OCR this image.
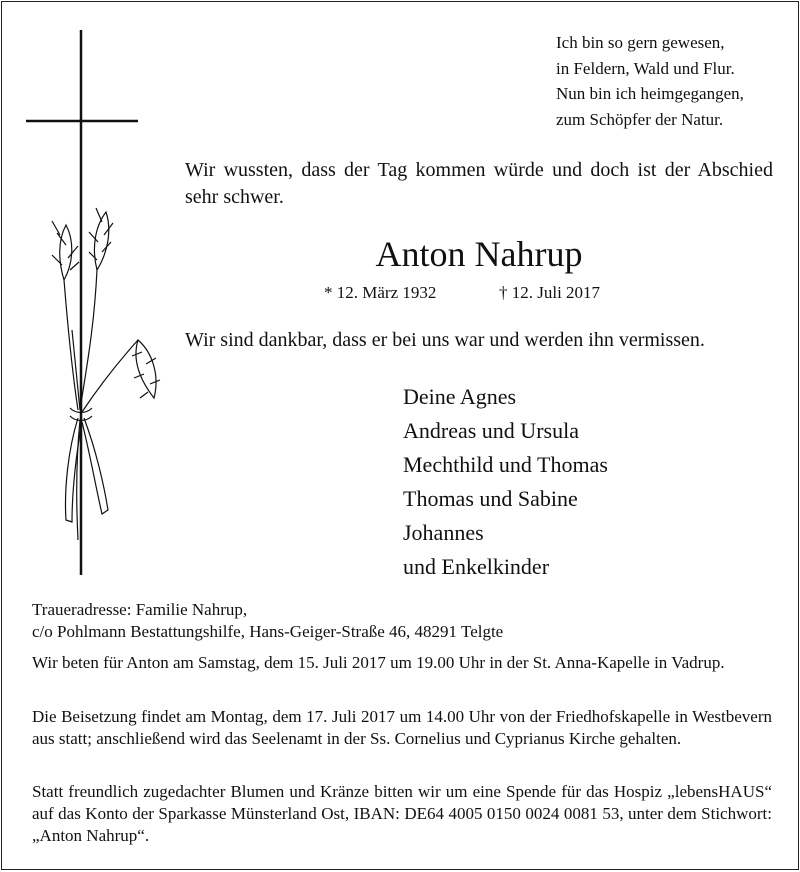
Ich bin so gern gewesen,
in Feldern, Wald und Flur.
Nun bin ich heimgegangen,
zum Schöpfer der Natur.
Wir wussten, dass der Tag kommen würde und doch ist der Abschied sehr schwer.
Anton Nahrup
* 12. März 1932	† 12. Juli 2017
Wir sind dankbar, dass er bei uns war und werden ihn vermissen.
Deine Agnes
Andreas und Ursula
Mechthild und Thomas
Thomas und Sabine
Johannes
und Enkelkinder
Traueradresse: Familie Nahrup,
c/o Pohlmann Bestattungshilfe, Hans-Geiger-Straße 46, 48291 Telgte
Wir beten für Anton am Samstag, dem 15. Juli 2017 um 19.00 Uhr in der St. Anna-Kapelle in Vadrup.
Die Beisetzung findet am Montag, dem 17. Juli 2017 um 14.00 Uhr von der Friedhofskapelle in Westbevern aus statt; anschließend wird das Seelenamt in der Ss. Cornelius und Cyprianus Kirche gehalten.
Statt freundlich zugedachter Blumen und Kränze bitten wir um eine Spende für das Hospiz „lebensHAUS“ auf das Konto der Sparkasse Münsterland Ost, IBAN: DE64 4005 0150 0024 0081 53, unter dem Stichwort: „Anton Nahrup“.
